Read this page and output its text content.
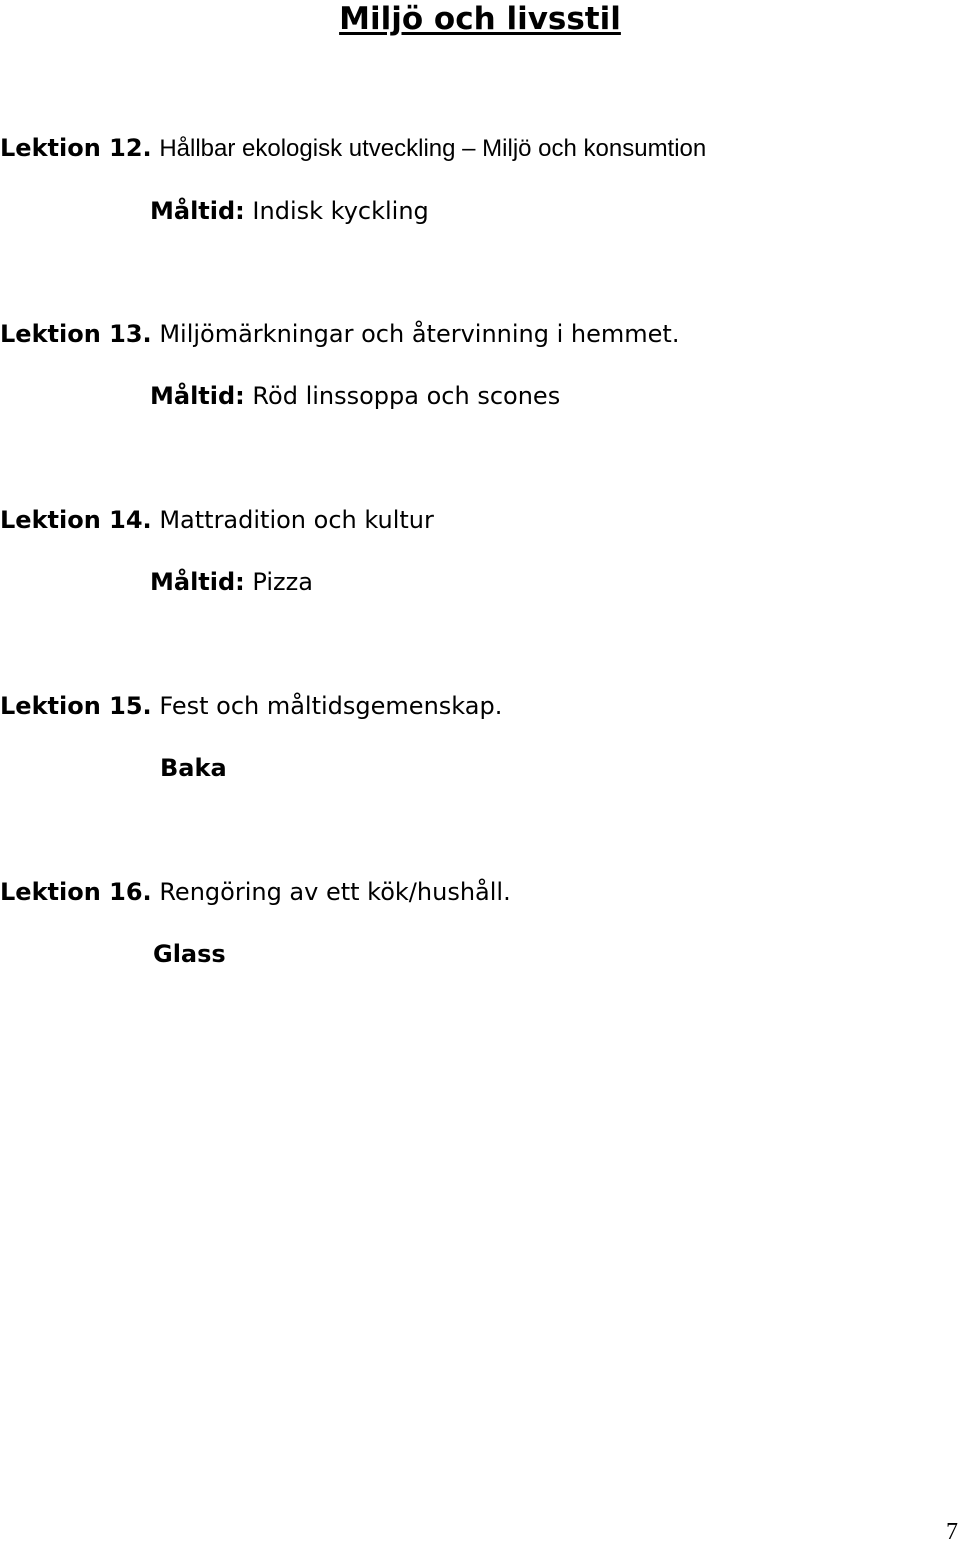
Miljö och livsstil
Lektion 12. Hållbar ekologisk utveckling – Miljö och konsumtion
Måltid: Indisk kyckling
Lektion 13. Miljömärkningar och återvinning i hemmet.
Måltid: Röd linssoppa och scones
Lektion 14. Mattradition och kultur
Måltid: Pizza
Lektion 15. Fest och måltidsgemenskap.
Baka
Lektion 16. Rengöring av ett kök/hushåll.
Glass
7
